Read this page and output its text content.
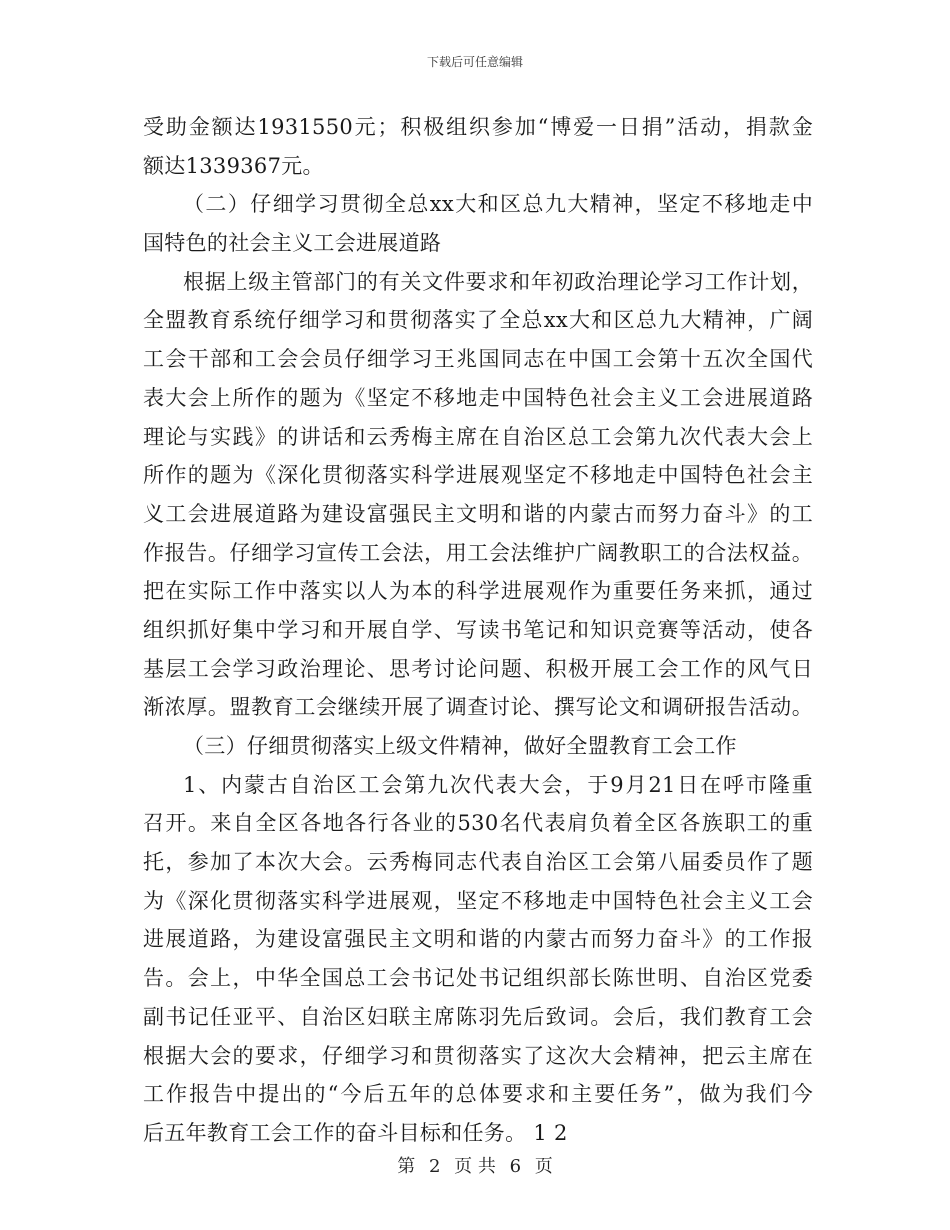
下载后可任意编辑
受助金额达1931550元；积极组织参加“博爱一日捐”活动，捐款金
额达1339367元。
（二）仔细学习贯彻全总xx大和区总九大精神，坚定不移地走中
国特色的社会主义工会进展道路
根据上级主管部门的有关文件要求和年初政治理论学习工作计划，
全盟教育系统仔细学习和贯彻落实了全总xx大和区总九大精神，广阔
工会干部和工会会员仔细学习王兆国同志在中国工会第十五次全国代
表大会上所作的题为《坚定不移地走中国特色社会主义工会进展道路
理论与实践》的讲话和云秀梅主席在自治区总工会第九次代表大会上
所作的题为《深化贯彻落实科学进展观坚定不移地走中国特色社会主
义工会进展道路为建设富强民主文明和谐的内蒙古而努力奋斗》的工
作报告。仔细学习宣传工会法，用工会法维护广阔教职工的合法权益。
把在实际工作中落实以人为本的科学进展观作为重要任务来抓，通过
组织抓好集中学习和开展自学、写读书笔记和知识竞赛等活动，使各
基层工会学习政治理论、思考讨论问题、积极开展工会工作的风气日
渐浓厚。盟教育工会继续开展了调查讨论、撰写论文和调研报告活动。
（三）仔细贯彻落实上级文件精神，做好全盟教育工会工作
1、内蒙古自治区工会第九次代表大会，于9月21日在呼市隆重
召开。来自全区各地各行各业的530名代表肩负着全区各族职工的重
托，参加了本次大会。云秀梅同志代表自治区工会第八届委员作了题
为《深化贯彻落实科学进展观，坚定不移地走中国特色社会主义工会
进展道路，为建设富强民主文明和谐的内蒙古而努力奋斗》的工作报
告。会上，中华全国总工会书记处书记组织部长陈世明、自治区党委
副书记任亚平、自治区妇联主席陈羽先后致词。会后，我们教育工会
根据大会的要求，仔细学习和贯彻落实了这次大会精神，把云主席在
工作报告中提出的“今后五年的总体要求和主要任务”，做为我们今
后五年教育工会工作的奋斗目标和任务。 1 2
第 2 页 共 6 页
